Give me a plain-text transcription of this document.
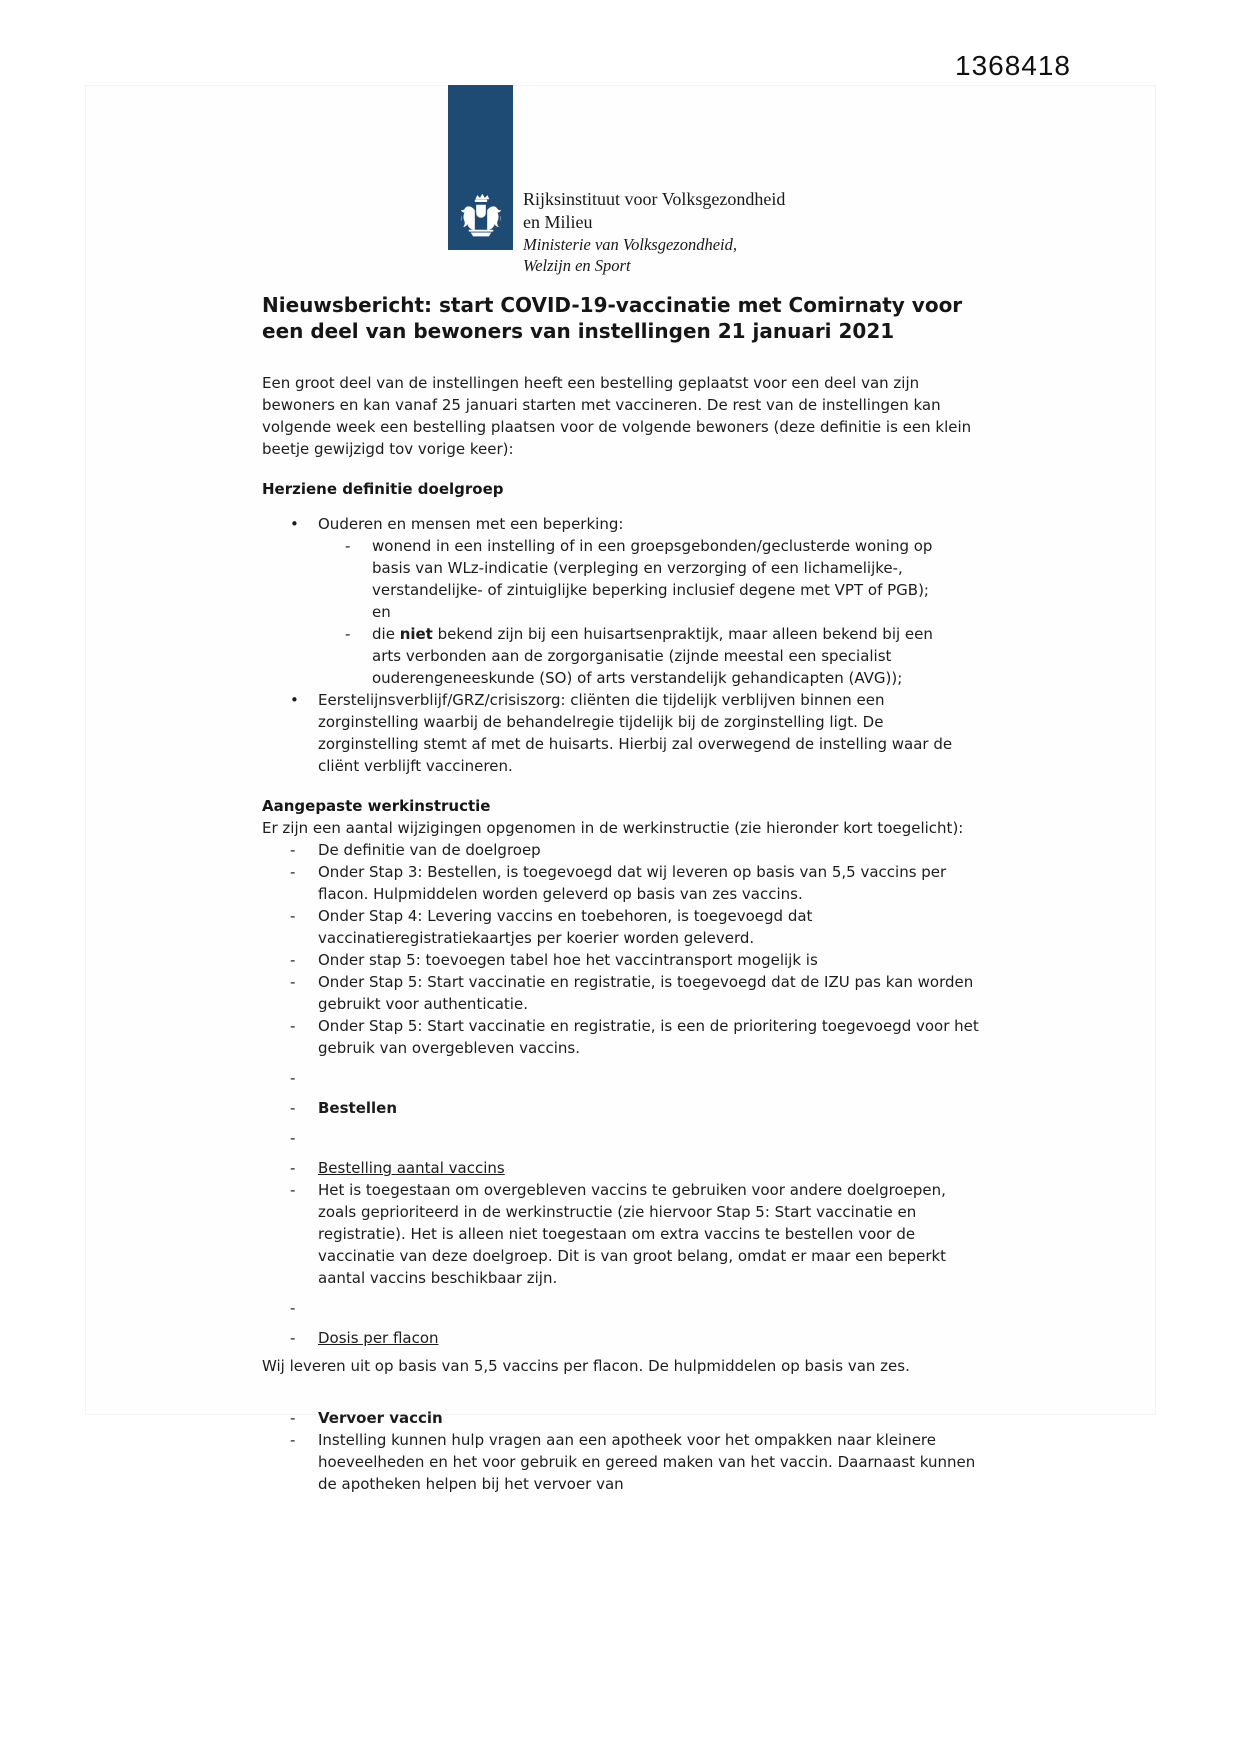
1368418
Rijksinstituut voor Volksgezondheid
en Milieu
Ministerie van Volksgezondheid,
Welzijn en Sport
Nieuwsbericht: start COVID-19-vaccinatie met Comirnaty voor een deel van bewoners van instellingen 21 januari 2021

Een groot deel van de instellingen heeft een bestelling geplaatst voor een deel van zijn bewoners en kan vanaf 25 januari starten met vaccineren. De rest van de instellingen kan volgende week een bestelling plaatsen voor de volgende bewoners (deze definitie is een klein beetje gewijzigd tov vorige keer):

Herziene definitie doelgroep
•	Ouderen en mensen met een beperking:
-	wonend in een instelling of in een groepsgebonden/geclusterde woning op basis van WLz-indicatie (verpleging en verzorging of een lichamelijke-, verstandelijke- of zintuiglijke beperking inclusief degene met VPT of PGB); en
-	die niet bekend zijn bij een huisartsenpraktijk, maar alleen bekend bij een arts verbonden aan de zorgorganisatie (zijnde meestal een specialist ouderengeneeskunde (SO) of arts verstandelijk gehandicapten (AVG));
•	Eerstelijnsverblijf/GRZ/crisiszorg: cliënten die tijdelijk verblijven binnen een zorginstelling waarbij de behandelregie tijdelijk bij de zorginstelling ligt. De zorginstelling stemt af met de huisarts. Hierbij zal overwegend de instelling waar de cliënt verblijft vaccineren.
Aangepaste werkinstructie

Er zijn een aantal wijzigingen opgenomen in de werkinstructie (zie hieronder kort toegelicht):

-	De definitie van de doelgroep
-	Onder Stap 3: Bestellen, is toegevoegd dat wij leveren op basis van 5,5 vaccins per flacon. Hulpmiddelen worden geleverd op basis van zes vaccins.
-	Onder Stap 4: Levering vaccins en toebehoren, is toegevoegd dat vaccinatieregistratiekaartjes per koerier worden geleverd.
-	Onder stap 5: toevoegen tabel hoe het vaccintransport mogelijk is
-	Onder Stap 5: Start vaccinatie en registratie, is toegevoegd dat de IZU pas kan worden gebruikt voor authenticatie.
-	Onder Stap 5: Start vaccinatie en registratie, is een de prioritering toegevoegd voor het gebruik van overgebleven vaccins.
-
-	Bestellen
-
-	Bestelling aantal vaccins
-	Het is toegestaan om overgebleven vaccins te gebruiken voor andere doelgroepen, zoals geprioriteerd in de werkinstructie (zie hiervoor Stap 5: Start vaccinatie en registratie). Het is alleen niet toegestaan om extra vaccins te bestellen voor de vaccinatie van deze doelgroep. Dit is van groot belang, omdat er maar een beperkt aantal vaccins beschikbaar zijn.
-
-	Dosis per flacon

Wij leveren uit op basis van 5,5 vaccins per flacon. De hulpmiddelen op basis van zes.

-	Vervoer vaccin
-	Instelling kunnen hulp vragen aan een apotheek voor het ompakken naar kleinere hoeveelheden en het voor gebruik en gereed maken van het vaccin. Daarnaast kunnen de apotheken helpen bij het vervoer van
